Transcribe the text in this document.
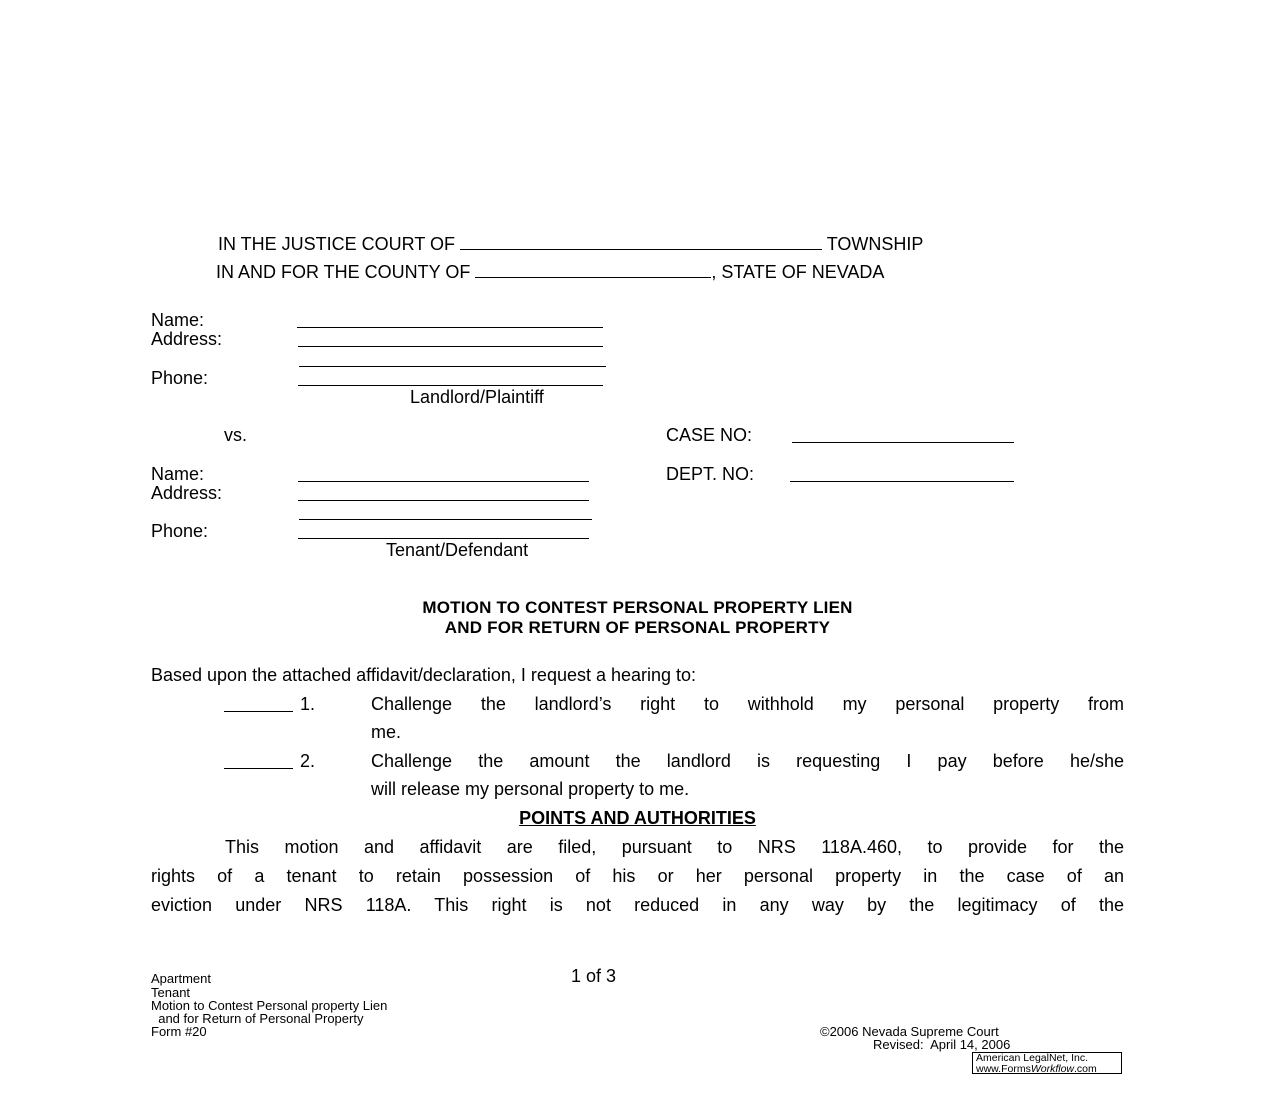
IN THE JUSTICE COURT OF	TOWNSHIP
IN AND FOR THE COUNTY OF	, STATE OF NEVADA
Name:
Address:
Phone:
Landlord/Plaintiff
vs.	CASE NO:
DEPT. NO:
Name:
Address:
Phone:
Tenant/Defendant
MOTION TO CONTEST PERSONAL PROPERTY LIEN
AND FOR RETURN OF PERSONAL PROPERTY
Based upon the attached affidavit/declaration, I request a hearing to:
1.	Challenge the landlord’s right to withhold my personal property from
me.
2.	Challenge the amount the landlord is requesting I pay before he/she
will release my personal property to me.
POINTS AND AUTHORITIES
This motion and affidavit are filed, pursuant to NRS 118A.460, to provide for the
rights of a tenant to retain possession of his or her personal property in the case of an
eviction under NRS 118A. This right is not reduced in any way by the legitimacy of the
Apartment
Tenant
Motion to Contest Personal property Lien
and for Return of Personal Property
Form #20
1 of 3
©2006 Nevada Supreme Court
Revised:  April 14, 2006
American LegalNet, Inc.
www.FormsWorkflow.com
